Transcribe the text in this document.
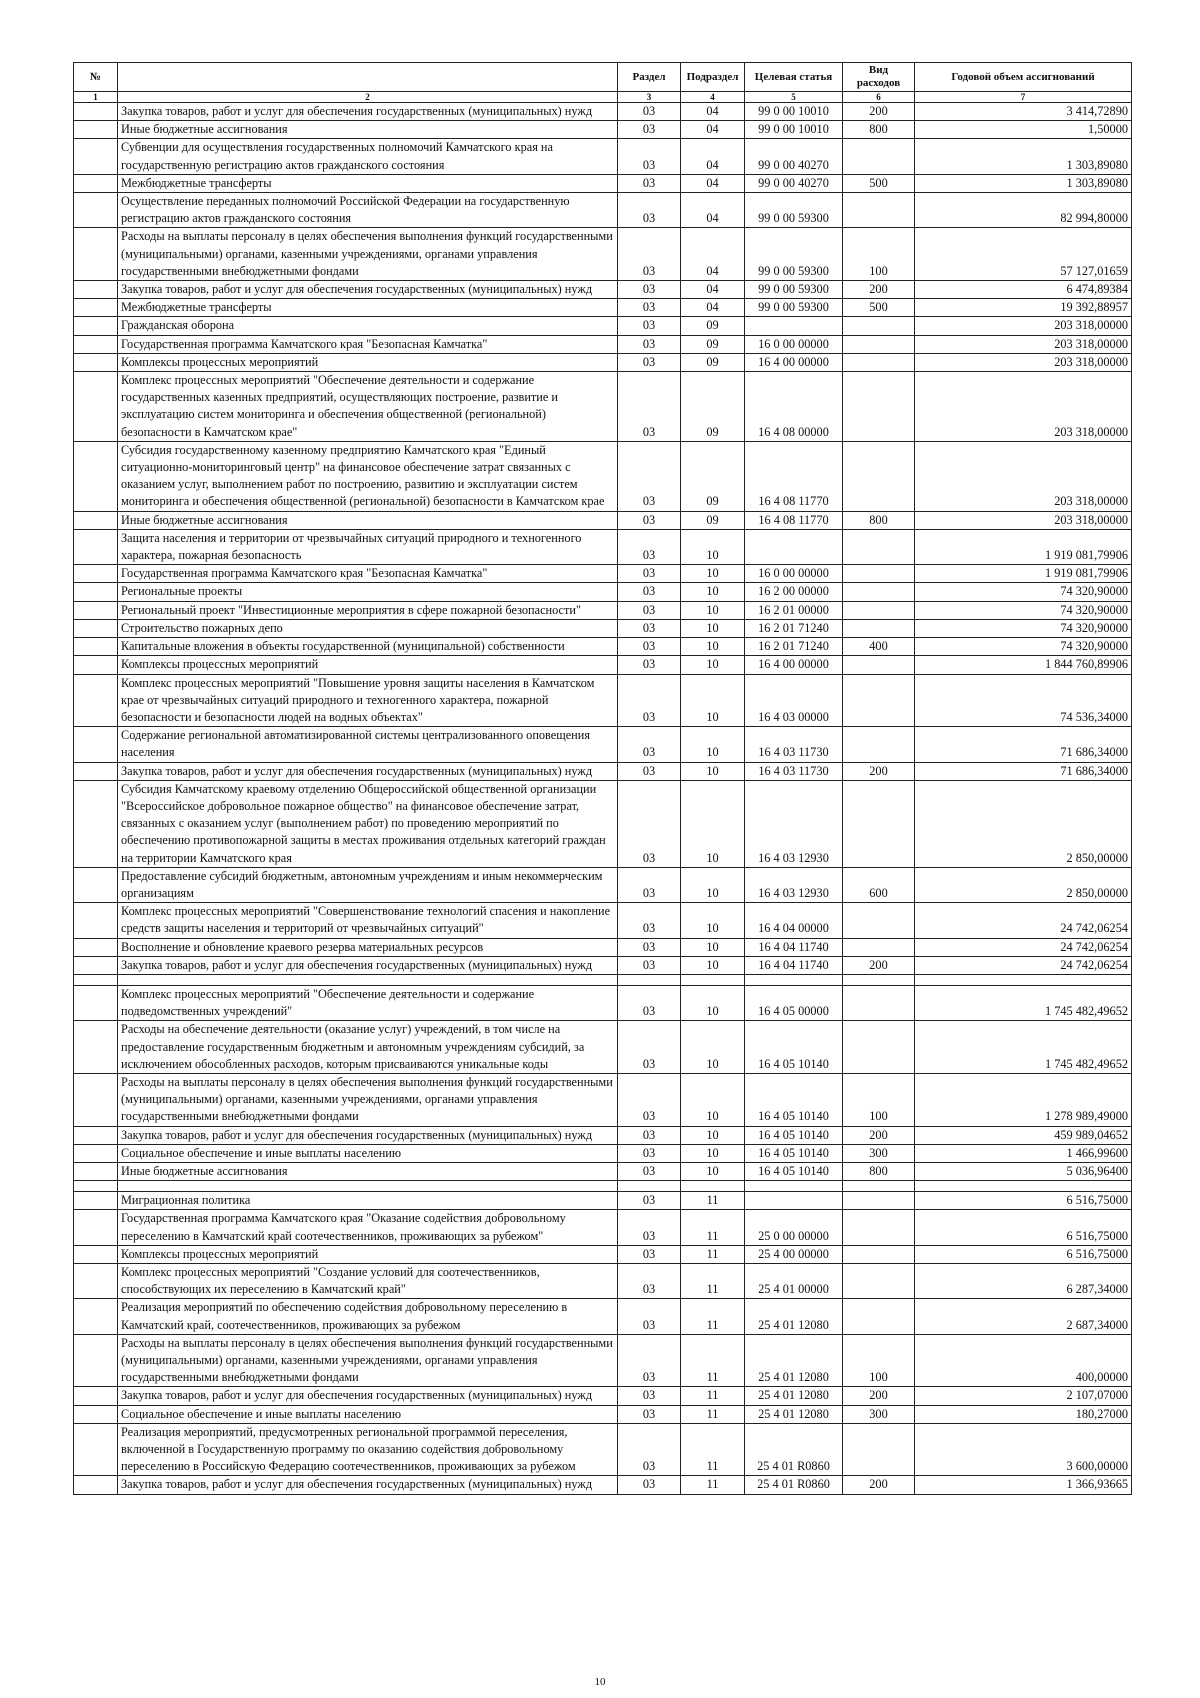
№		Раздел	Подраздел	Целевая статья	Вид расходов	Годовой объем ассигнований
1	2	3	4	5	6	7
	Закупка товаров, работ и услуг для обеспечения государственных (муниципальных) нужд	03	04	99 0 00 10010	200	3 414,72890
	Иные бюджетные ассигнования	03	04	99 0 00 10010	800	1,50000
	Субвенции для осуществления государственных полномочий Камчатского края на государственную регистрацию актов гражданского состояния	03	04	99 0 00 40270		1 303,89080
	Межбюджетные трансферты	03	04	99 0 00 40270	500	1 303,89080
	Осуществление переданных полномочий Российской Федерации на государственную регистрацию актов гражданского состояния	03	04	99 0 00 59300		82 994,80000
	Расходы на выплаты персоналу в целях обеспечения выполнения функций государственными (муниципальными) органами, казенными учреждениями, органами управления государственными внебюджетными фондами	03	04	99 0 00 59300	100	57 127,01659
	Закупка товаров, работ и услуг для обеспечения государственных (муниципальных) нужд	03	04	99 0 00 59300	200	6 474,89384
	Межбюджетные трансферты	03	04	99 0 00 59300	500	19 392,88957
	Гражданская оборона	03	09			203 318,00000
	Государственная программа Камчатского края "Безопасная Камчатка"	03	09	16 0 00 00000		203 318,00000
	Комплексы процессных мероприятий	03	09	16 4 00 00000		203 318,00000
	Комплекс процессных мероприятий "Обеспечение деятельности и содержание государственных казенных предприятий, осуществляющих построение, развитие и эксплуатацию систем мониторинга и обеспечения общественной (региональной) безопасности в Камчатском крае"	03	09	16 4 08 00000		203 318,00000
	Субсидия государственному казенному предприятию Камчатского края "Единый ситуационно-мониторинговый центр" на финансовое обеспечение затрат связанных с оказанием услуг, выполнением работ по построению, развитию и эксплуатации систем мониторинга и обеспечения общественной (региональной) безопасности в Камчатском крае	03	09	16 4 08 11770		203 318,00000
	Иные бюджетные ассигнования	03	09	16 4 08 11770	800	203 318,00000
	Защита населения и территории от чрезвычайных ситуаций природного и техногенного характера, пожарная безопасность	03	10			1 919 081,79906
	Государственная программа Камчатского края "Безопасная Камчатка"	03	10	16 0 00 00000		1 919 081,79906
	Региональные проекты	03	10	16 2 00 00000		74 320,90000
	Региональный проект "Инвестиционные мероприятия в сфере пожарной безопасности"	03	10	16 2 01 00000		74 320,90000
	Строительство пожарных депо	03	10	16 2 01 71240		74 320,90000
	Капитальные вложения в объекты государственной (муниципальной) собственности	03	10	16 2 01 71240	400	74 320,90000
	Комплексы процессных мероприятий	03	10	16 4 00 00000		1 844 760,89906
	Комплекс процессных мероприятий "Повышение уровня защиты населения в Камчатском крае от чрезвычайных ситуаций природного и техногенного характера, пожарной безопасности и безопасности людей на водных объектах"	03	10	16 4 03 00000		74 536,34000
	Содержание региональной автоматизированной системы централизованного оповещения населения	03	10	16 4 03 11730		71 686,34000
	Закупка товаров, работ и услуг для обеспечения государственных (муниципальных) нужд	03	10	16 4 03 11730	200	71 686,34000
	Субсидия Камчатскому краевому отделению Общероссийской общественной организации "Всероссийское добровольное пожарное общество" на финансовое обеспечение затрат, связанных с оказанием услуг (выполнением работ) по проведению мероприятий по обеспечению противопожарной защиты в местах проживания отдельных категорий граждан на территории Камчатского края	03	10	16 4 03 12930		2 850,00000
	Предоставление субсидий бюджетным, автономным учреждениям и иным некоммерческим организациям	03	10	16 4 03 12930	600	2 850,00000
	Комплекс процессных мероприятий "Совершенствование технологий спасения и накопление средств защиты населения и территорий от чрезвычайных ситуаций"	03	10	16 4 04 00000		24 742,06254
	Восполнение и обновление краевого резерва материальных ресурсов	03	10	16 4 04 11740		24 742,06254
	Закупка товаров, работ и услуг для обеспечения государственных (муниципальных) нужд	03	10	16 4 04 11740	200	24 742,06254

	Комплекс процессных мероприятий "Обеспечение деятельности и содержание подведомственных учреждений"	03	10	16 4 05 00000		1 745 482,49652
	Расходы на обеспечение деятельности (оказание услуг) учреждений, в том числе на предоставление государственным бюджетным и автономным учреждениям субсидий, за исключением обособленных расходов, которым присваиваются уникальные коды	03	10	16 4 05 10140		1 745 482,49652
	Расходы на выплаты персоналу в целях обеспечения выполнения функций государственными (муниципальными) органами, казенными учреждениями, органами управления государственными внебюджетными фондами	03	10	16 4 05 10140	100	1 278 989,49000
	Закупка товаров, работ и услуг для обеспечения государственных (муниципальных) нужд	03	10	16 4 05 10140	200	459 989,04652
	Социальное обеспечение и иные выплаты населению	03	10	16 4 05 10140	300	1 466,99600
	Иные бюджетные ассигнования	03	10	16 4 05 10140	800	5 036,96400

	Миграционная политика	03	11			6 516,75000
	Государственная программа Камчатского края "Оказание содействия добровольному переселению в Камчатский край соотечественников, проживающих за рубежом"	03	11	25 0 00 00000		6 516,75000
	Комплексы процессных мероприятий	03	11	25 4 00 00000		6 516,75000
	Комплекс процессных мероприятий "Создание условий для соотечественников, способствующих их переселению в Камчатский край"	03	11	25 4 01 00000		6 287,34000
	Реализация мероприятий по обеспечению содействия добровольному переселению в Камчатский край, соотечественников, проживающих за рубежом	03	11	25 4 01 12080		2 687,34000
	Расходы на выплаты персоналу в целях обеспечения выполнения функций государственными (муниципальными) органами, казенными учреждениями, органами управления государственными внебюджетными фондами	03	11	25 4 01 12080	100	400,00000
	Закупка товаров, работ и услуг для обеспечения государственных (муниципальных) нужд	03	11	25 4 01 12080	200	2 107,07000
	Социальное обеспечение и иные выплаты населению	03	11	25 4 01 12080	300	180,27000
	Реализация мероприятий, предусмотренных региональной программой переселения, включенной в Государственную программу по оказанию содействия добровольному переселению в Российскую Федерацию соотечественников, проживающих за рубежом	03	11	25 4 01 R0860		3 600,00000
	Закупка товаров, работ и услуг для обеспечения государственных (муниципальных) нужд	03	11	25 4 01 R0860	200	1 366,93665
10
